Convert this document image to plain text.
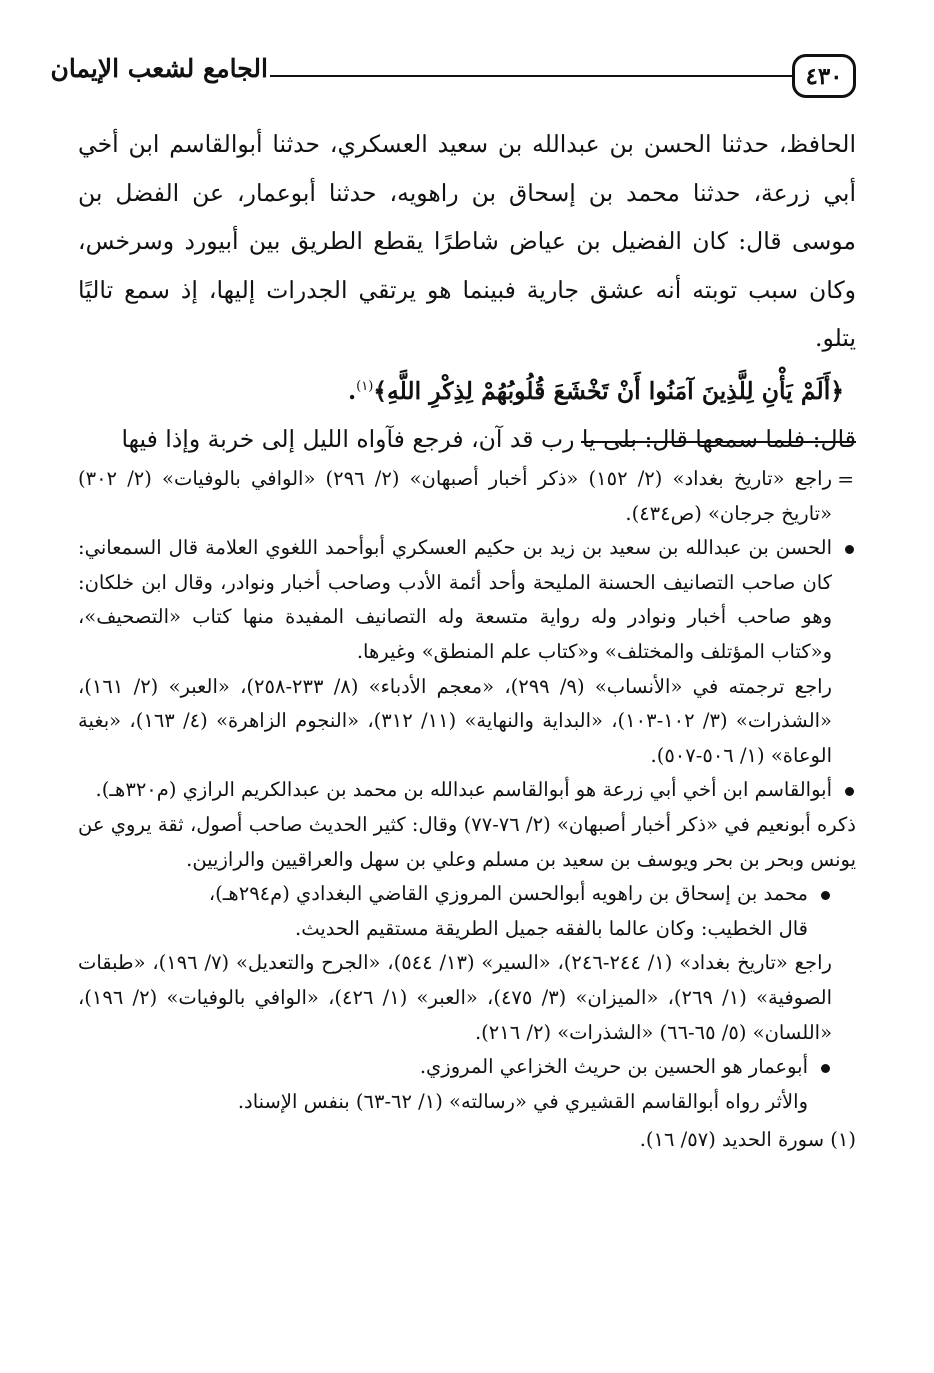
٤٣٠
الجامع لشعب الإيمان

الحافظ، حدثنا الحسن بن عبدالله بن سعيد العسكري، حدثنا أبوالقاسم ابن أخي أبي زرعة، حدثنا محمد بن إسحاق بن راهويه، حدثنا أبوعمار، عن الفضل بن موسى قال: كان الفضيل بن عياض شاطرًا يقطع الطريق بين أبيورد وسرخس، وكان سبب توبته أنه عشق جارية فبينما هو يرتقي الجدرات إليها، إذ سمع تاليًا يتلو.

﴿أَلَمْ يَأْنِ لِلَّذِينَ آمَنُوا أَنْ تَخْشَعَ قُلُوبُهُمْ لِذِكْرِ اللَّهِ﴾$^{(١)}$.

قال: فلما سمعها قال: بلى يا رب قد آن، فرجع فآواه الليل إلى خربة وإذا فيها

= راجع «تاريخ بغداد» (٢/ ١٥٢) «ذكر أخبار أصبهان» (٢/ ٢٩٦) «الوافي بالوفيات» (٢/ ٣٠٢) «تاريخ جرجان» (ص٤٣٤).

الحسن بن عبدالله بن سعيد بن زيد بن حكيم العسكري أبوأحمد اللغوي العلامة قال السمعاني: كان صاحب التصانيف الحسنة المليحة وأحد أئمة الأدب وصاحب أخبار ونوادر، وقال ابن خلكان: وهو صاحب أخبار ونوادر وله رواية متسعة وله التصانيف المفيدة منها كتاب «التصحيف»، و«كتاب المؤتلف والمختلف» و«كتاب علم المنطق» وغيرها.

راجع ترجمته في «الأنساب» (٩/ ٢٩٩)، «معجم الأدباء» (٨/ ٢٣٣-٢٥٨)، «العبر» (٢/ ١٦١)، «الشذرات» (٣/ ١٠٢-١٠٣)، «البداية والنهاية» (١١/ ٣١٢)، «النجوم الزاهرة» (٤/ ١٦٣)، «بغية الوعاة» (١/ ٥٠٦-٥٠٧).

أبوالقاسم ابن أخي أبي زرعة هو أبوالقاسم عبدالله بن محمد بن عبدالكريم الرازي (م٣٢٠هـ).

ذكره أبونعيم في «ذكر أخبار أصبهان» (٢/ ٧٦-٧٧) وقال: كثير الحديث صاحب أصول، ثقة يروي عن يونس وبحر بن بحر ويوسف بن سعيد بن مسلم وعلي بن سهل والعراقيين والرازيين.

محمد بن إسحاق بن راهويه أبوالحسن المروزي القاضي البغدادي (م٢٩٤هـ)،

قال الخطيب: وكان عالما بالفقه جميل الطريقة مستقيم الحديث.

راجع «تاريخ بغداد» (١/ ٢٤٤-٢٤٦)، «السير» (١٣/ ٥٤٤)، «الجرح والتعديل» (٧/ ١٩٦)، «طبقات الصوفية» (١/ ٢٦٩)، «الميزان» (٣/ ٤٧٥)، «العبر» (١/ ٤٢٦)، «الوافي بالوفيات» (٢/ ١٩٦)، «اللسان» (٥/ ٦٥-٦٦) «الشذرات» (٢/ ٢١٦).

أبوعمار هو الحسين بن حريث الخزاعي المروزي.

والأثر رواه أبوالقاسم القشيري في «رسالته» (١/ ٦٢-٦٣) بنفس الإسناد.

(١) سورة الحديد (٥٧/ ١٦).
